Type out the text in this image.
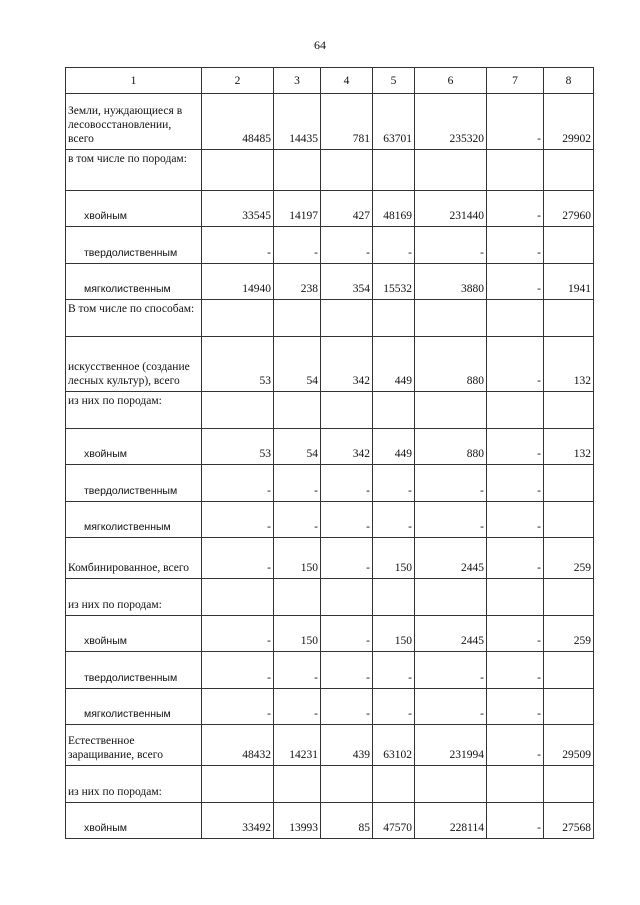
64
1	2	3	4	5	6	7	8
Земли, нуждающиеся в лесовосстановлении, всего	48485	14435	781	63701	235320	-	29902
в том числе по породам:							
хвойным	33545	14197	427	48169	231440	-	27960
твердолиственным	-	-	-	-	-	-	
мягколиственным	14940	238	354	15532	3880	-	1941
В том числе по способам:							
искусственное (создание лесных культур), всего	53	54	342	449	880	-	132
из них по породам:							
хвойным	53	54	342	449	880	-	132
твердолиственным	-	-	-	-	-	-	
мягколиственным	-	-	-	-	-	-	
Комбинированное, всего	-	150	-	150	2445	-	259
из них по породам:							
хвойным	-	150	-	150	2445	-	259
твердолиственным	-	-	-	-	-	-	
мягколиственным	-	-	-	-	-	-	
Естественное заращивание, всего	48432	14231	439	63102	231994	-	29509
из них по породам:							
хвойным	33492	13993	85	47570	228114	-	27568
